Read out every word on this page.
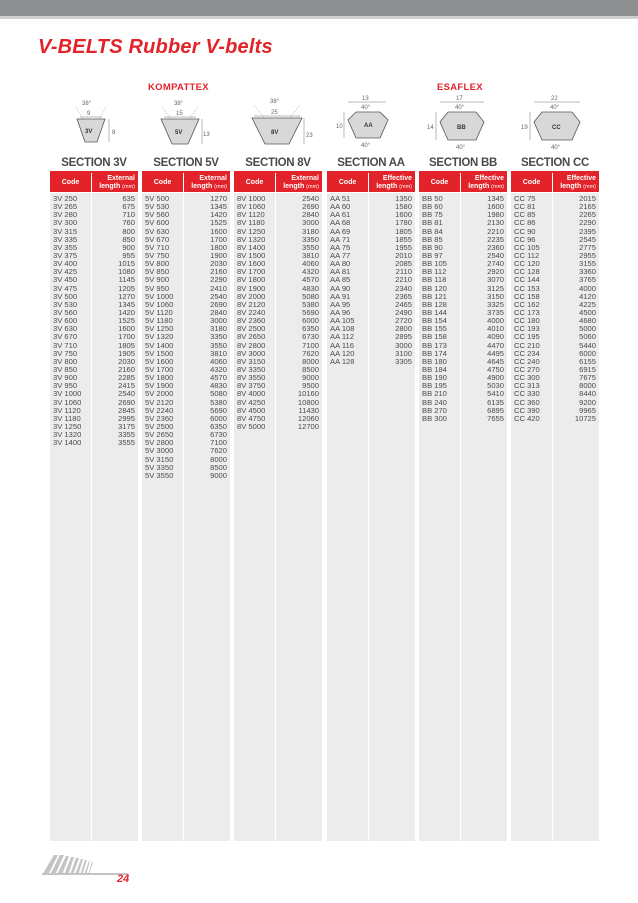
V-BELTS Rubber V-belts
KOMPATTEX	ESAFLEX
38°
9
3V	8
38°
15
5V	13
38°
25
8V	23
13
40°
AA
10
40°
17
40°
BB
14
40°
22
40°
CC
19
40°
SECTION 3V
Code
External
length (mm)
3V 250	635
3V 265	675
3V 280	710
3V 300	760
3V 315	800
3V 335	850
3V 355	900
3V 375	955
3V 400	1015
3V 425	1080
3V 450	1145
3V 475	1205
3V 500	1270
3V 530	1345
3V 560	1420
3V 600	1525
3V 630	1600
3V 670	1700
3V 710	1805
3V 750	1905
3V 800	2030
3V 850	2160
3V 900	2285
3V 950	2415
3V 1000	2540
3V 1060	2690
3V 1120	2845
3V 1180	2995
3V 1250	3175
3V 1320	3355
3V 1400	3555
SECTION 5V
Code
External
length (mm)
5V 500	1270
5V 530	1345
5V 560	1420
5V 600	1525
5V 630	1600
5V 670	1700
5V 710	1800
5V 750	1900
5V 800	2030
5V 850	2160
5V 900	2290
5V 950	2410
5V 1000	2540
5V 1060	2690
5V 1120	2840
5V 1180	3000
5V 1250	3180
5V 1320	3350
5V 1400	3550
5V 1500	3810
5V 1600	4060
5V 1700	4320
5V 1800	4570
5V 1900	4830
5V 2000	5080
5V 2120	5380
5V 2240	5690
5V 2360	6000
5V 2500	6350
5V 2650	6730
5V 2800	7100
5V 3000	7620
5V 3150	8000
5V 3350	8500
5V 3550	9000
SECTION 8V
Code
External
length (mm)
8V 1000	2540
8V 1060	2690
8V 1120	2840
8V 1180	3000
8V 1250	3180
8V 1320	3350
8V 1400	3550
8V 1500	3810
8V 1600	4060
8V 1700	4320
8V 1800	4570
8V 1900	4830
8V 2000	5080
8V 2120	5380
8V 2240	5690
8V 2360	6000
8V 2500	6350
8V 2650	6730
8V 2800	7100
8V 3000	7620
8V 3150	8000
8V 3350	8500
8V 3550	9000
8V 3750	9500
8V 4000	10160
8V 4250	10800
8V 4500	11430
8V 4750	12060
8V 5000	12700
SECTION AA
Code
Effective
length (mm)
AA 51	1350
AA 60	1580
AA 61	1600
AA 68	1780
AA 69	1805
AA 71	1855
AA 75	1955
AA 77	2010
AA 80	2085
AA 81	2110
AA 85	2210
AA 90	2340
AA 91	2365
AA 95	2465
AA 96	2490
AA 105	2720
AA 108	2800
AA 112	2895
AA 116	3000
AA 120	3100
AA 128	3305
SECTION BB
Code
Effective
length (mm)
BB 50	1345
BB 60	1600
BB 75	1980
BB 81	2130
BB 84	2210
BB 85	2235
BB 90	2360
BB 97	2540
BB 105	2740
BB 112	2920
BB 118	3070
BB 120	3125
BB 121	3150
BB 128	3325
BB 144	3735
BB 154	4000
BB 155	4010
BB 158	4090
BB 173	4470
BB 174	4495
BB 180	4645
BB 184	4750
BB 190	4900
BB 195	5030
BB 210	5410
BB 240	6135
BB 270	6895
BB 300	7655
SECTION CC
Code
Effective
length (mm)
CC 75	2015
CC 81	2165
CC 85	2265
CC 86	2290
CC 90	2395
CC 96	2545
CC 105	2775
CC 112	2955
CC 120	3155
CC 128	3360
CC 144	3765
CC 153	4000
CC 158	4120
CC 162	4225
CC 173	4500
CC 180	4680
CC 193	5000
CC 195	5060
CC 210	5440
CC 234	6000
CC 240	6155
CC 270	6915
CC 300	7675
CC 313	8000
CC 330	8440
CC 360	9200
CC 390	9965
CC 420	10725
24
